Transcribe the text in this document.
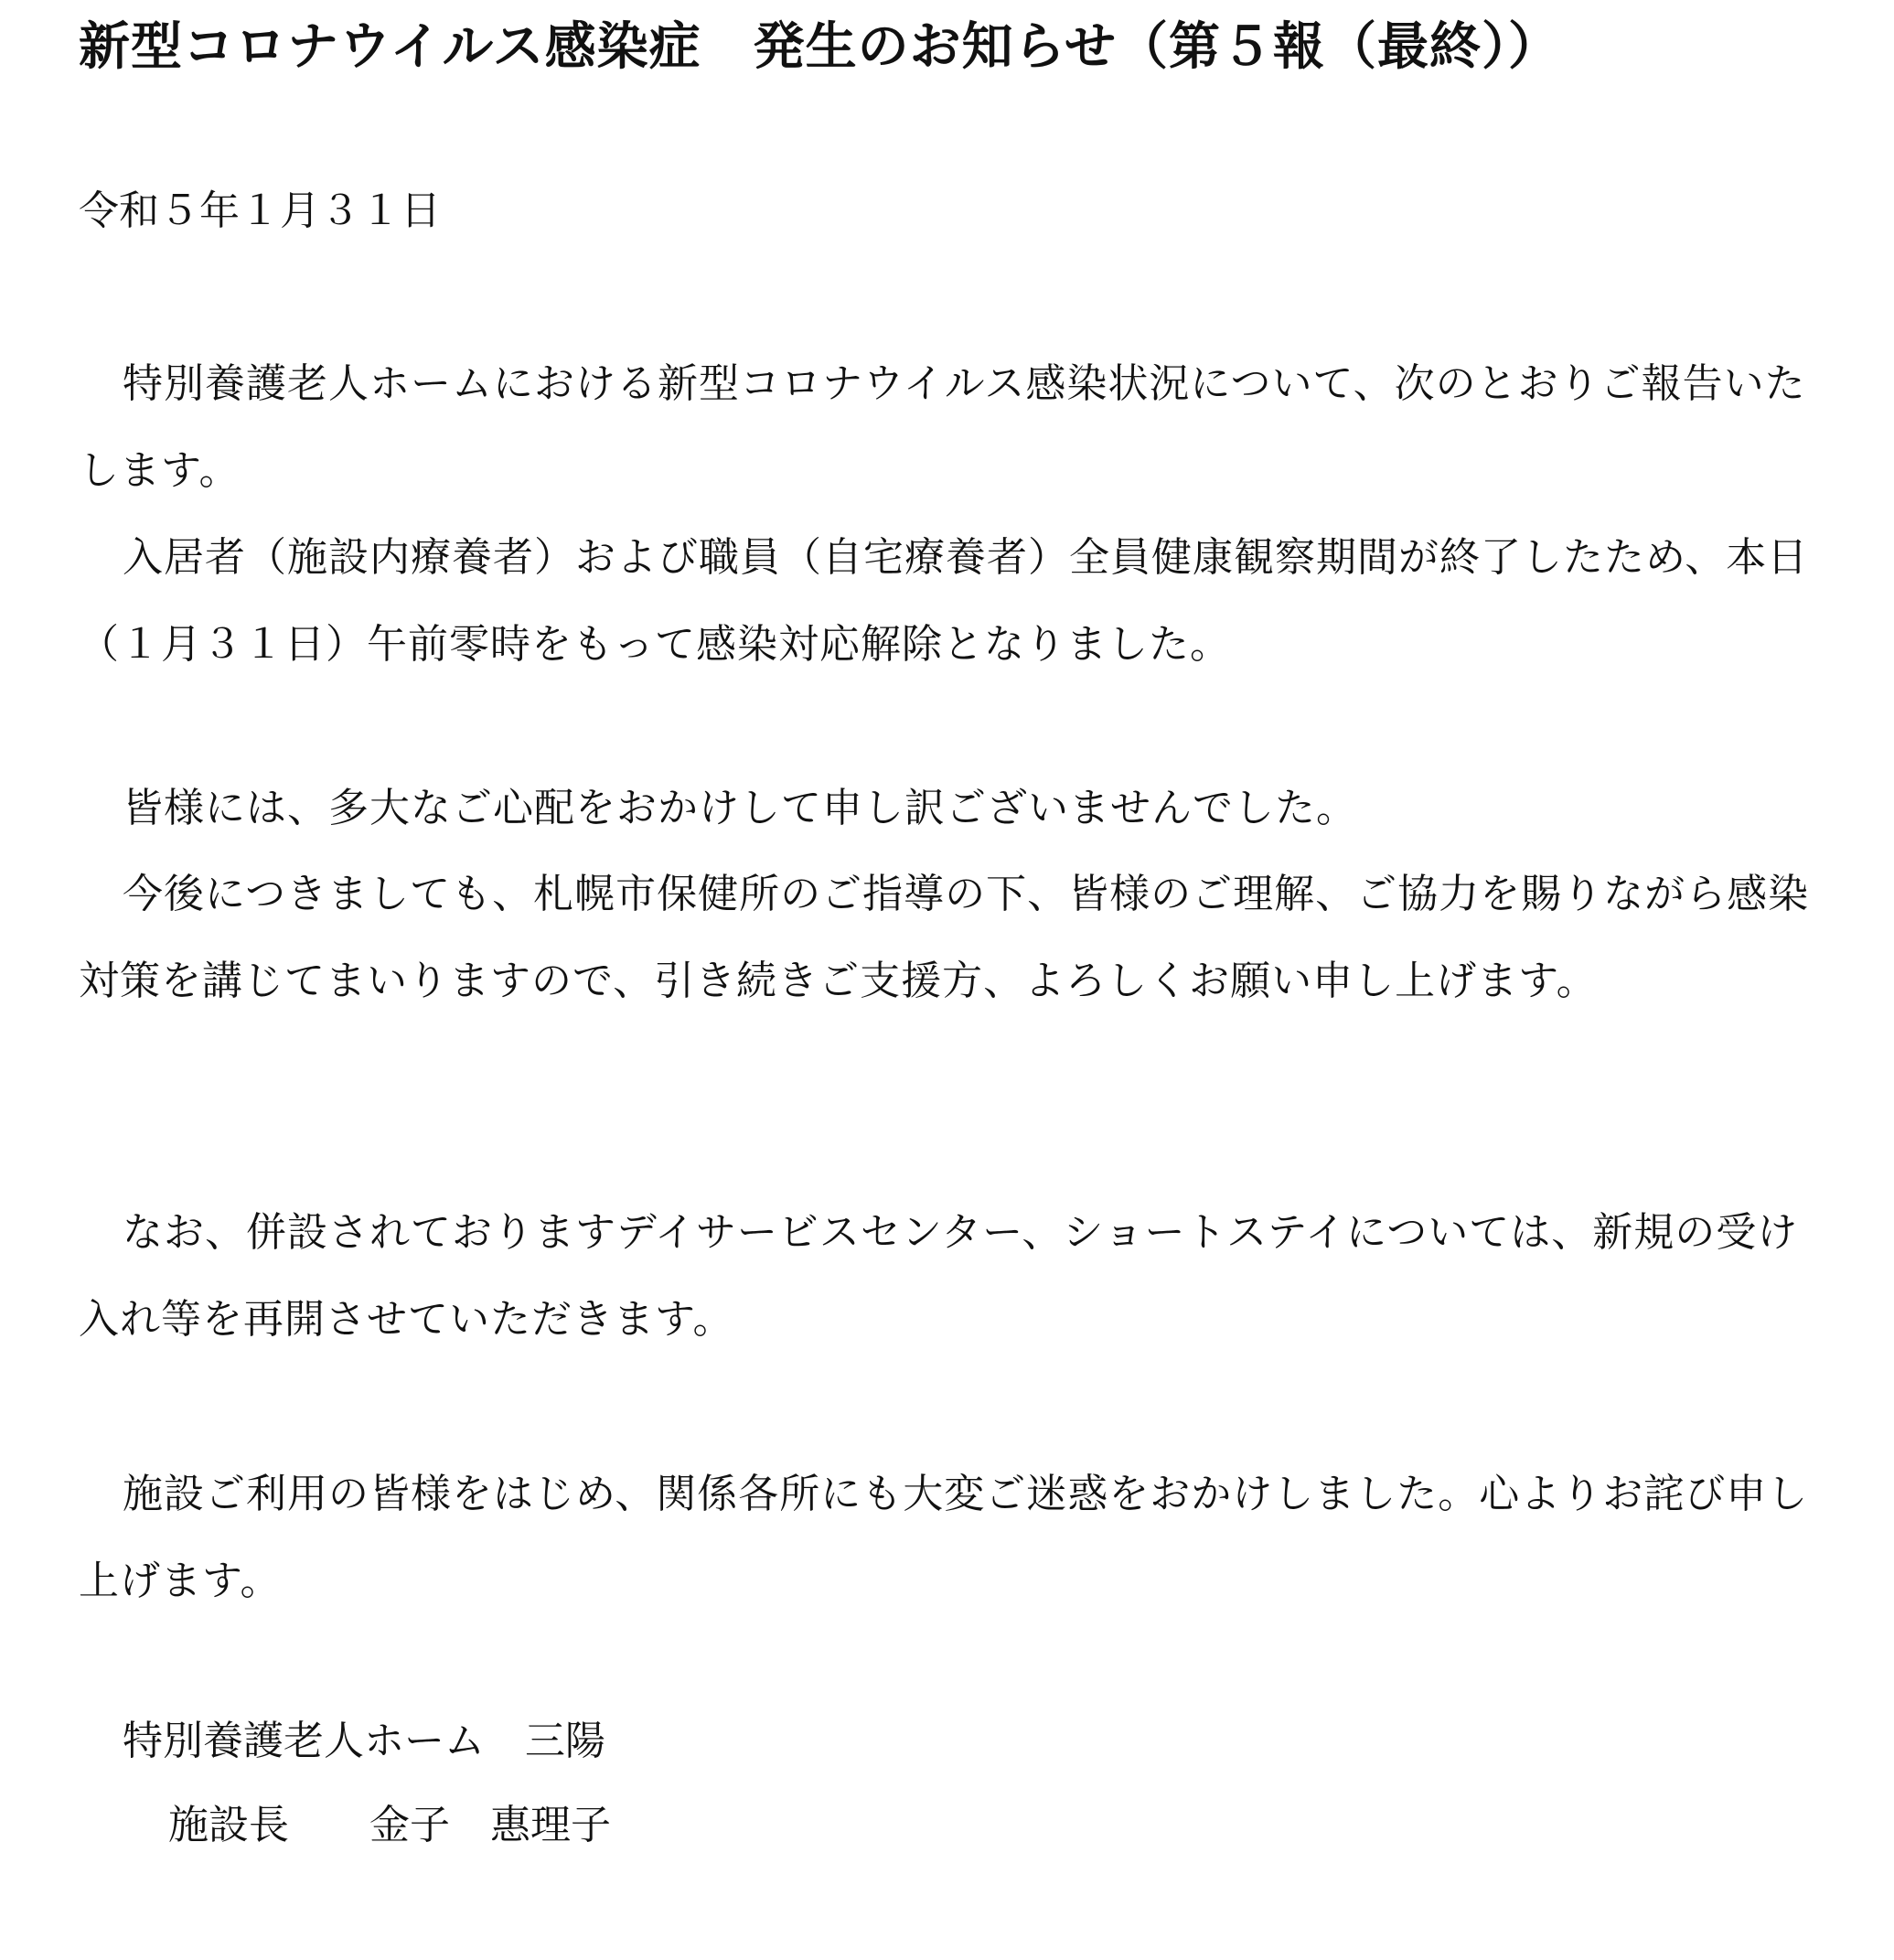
新型コロナウイルス感染症　発生のお知らせ（第５報（最終））

令和５年１月３１日

特別養護老人ホームにおける新型コロナウイルス感染状況について、次のとおりご報告いたします。

入居者（施設内療養者）および職員（自宅療養者）全員健康観察期間が終了したため、本日（１月３１日）午前零時をもって感染対応解除となりました。

皆様には、多大なご心配をおかけして申し訳ございませんでした。

今後につきましても、札幌市保健所のご指導の下、皆様のご理解、ご協力を賜りながら感染対策を講じてまいりますので、引き続きご支援方、よろしくお願い申し上げます。

なお、併設されておりますデイサービスセンター、ショートステイについては、新規の受け入れ等を再開させていただきます。

施設ご利用の皆様をはじめ、関係各所にも大変ご迷惑をおかけしました。心よりお詫び申し上げます。

特別養護老人ホーム　三陽

施設長　　金子　惠理子
